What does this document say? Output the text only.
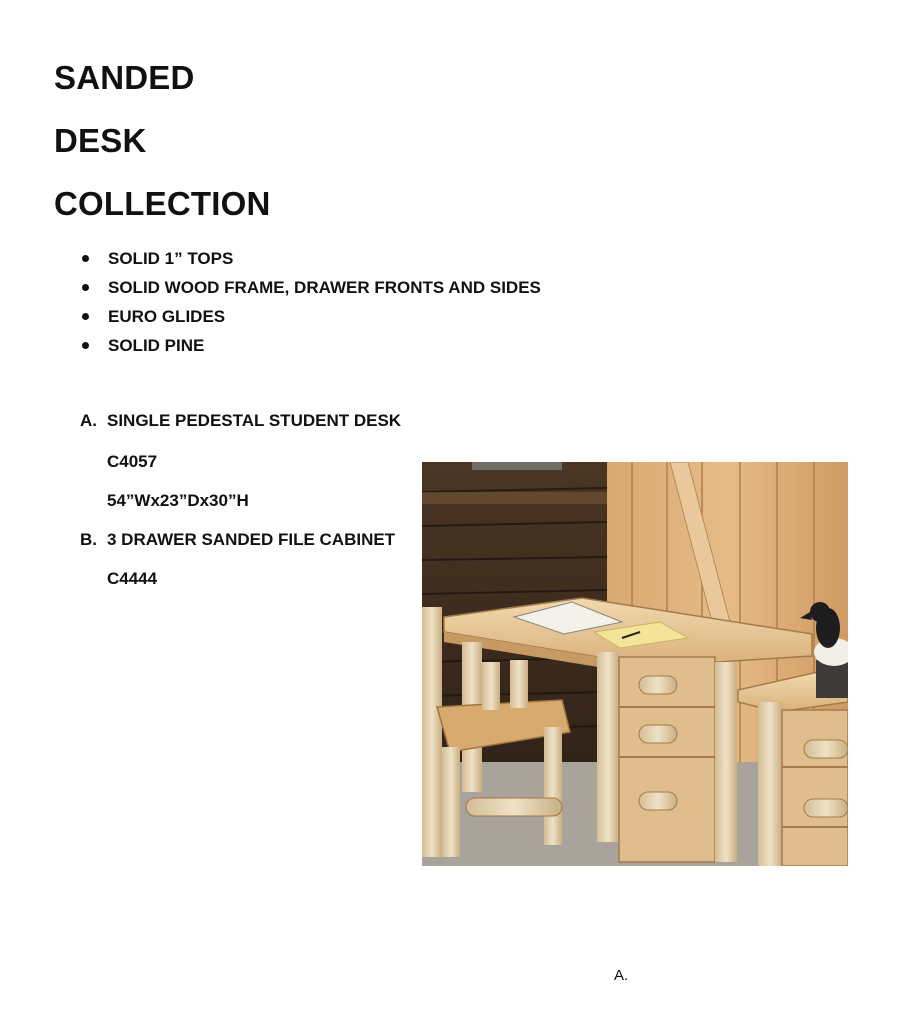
SANDED
DESK
COLLECTION
SOLID 1” TOPS
SOLID WOOD FRAME, DRAWER FRONTS AND SIDES
EURO GLIDES
SOLID PINE
A. SINGLE PEDESTAL STUDENT DESK
C4057
54”Wx23”Dx30”H
B. 3 DRAWER SANDED FILE CABINET
C4444
A.
